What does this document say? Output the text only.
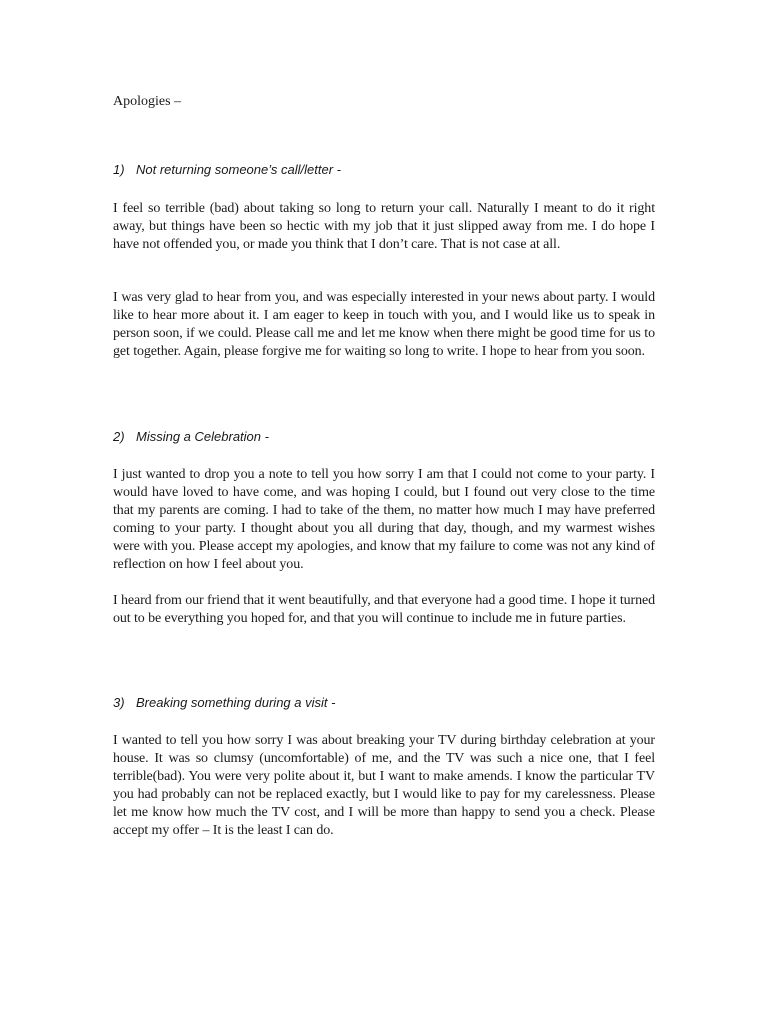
Apologies –
1) Not returning someone’s call/letter -

I feel so terrible (bad) about taking so long to return your call. Naturally I meant to do it right away, but things have been so hectic with my job that it just slipped away from me. I do hope I have not offended you, or made you think that I don’t care. That is not case at all.

I was very glad to hear from you, and was especially interested in your news about party. I would like to hear more about it. I am eager to keep in touch with you, and I would like us to speak in person soon, if we could. Please call me and let me know when there might be good time for us to get together. Again, please forgive me for waiting so long to write. I hope to hear from you soon.

2) Missing a Celebration -

I just wanted to drop you a note to tell you how sorry I am that I could not come to your party. I would have loved to have come, and was hoping I could, but I found out very close to the time that my parents are coming. I had to take of the them, no matter how much I may have preferred coming to your party. I thought about you all during that day, though, and my warmest wishes were with you. Please accept my apologies, and know that my failure to come was not any kind of reflection on how I feel about you.

I heard from our friend that it went beautifully, and that everyone had a good time. I hope it turned out to be everything you hoped for, and that you will continue to include me in future parties.

3) Breaking something during a visit -

I wanted to tell you how sorry I was about breaking your TV during birthday celebration at your house. It was so clumsy (uncomfortable) of me, and the TV was such a nice one, that I feel terrible(bad). You were very polite about it, but I want to make amends. I know the particular TV you had probably can not be replaced exactly, but I would like to pay for my carelessness. Please let me know how much the TV cost, and I will be more than happy to send you a check. Please accept my offer – It is the least I can do.
